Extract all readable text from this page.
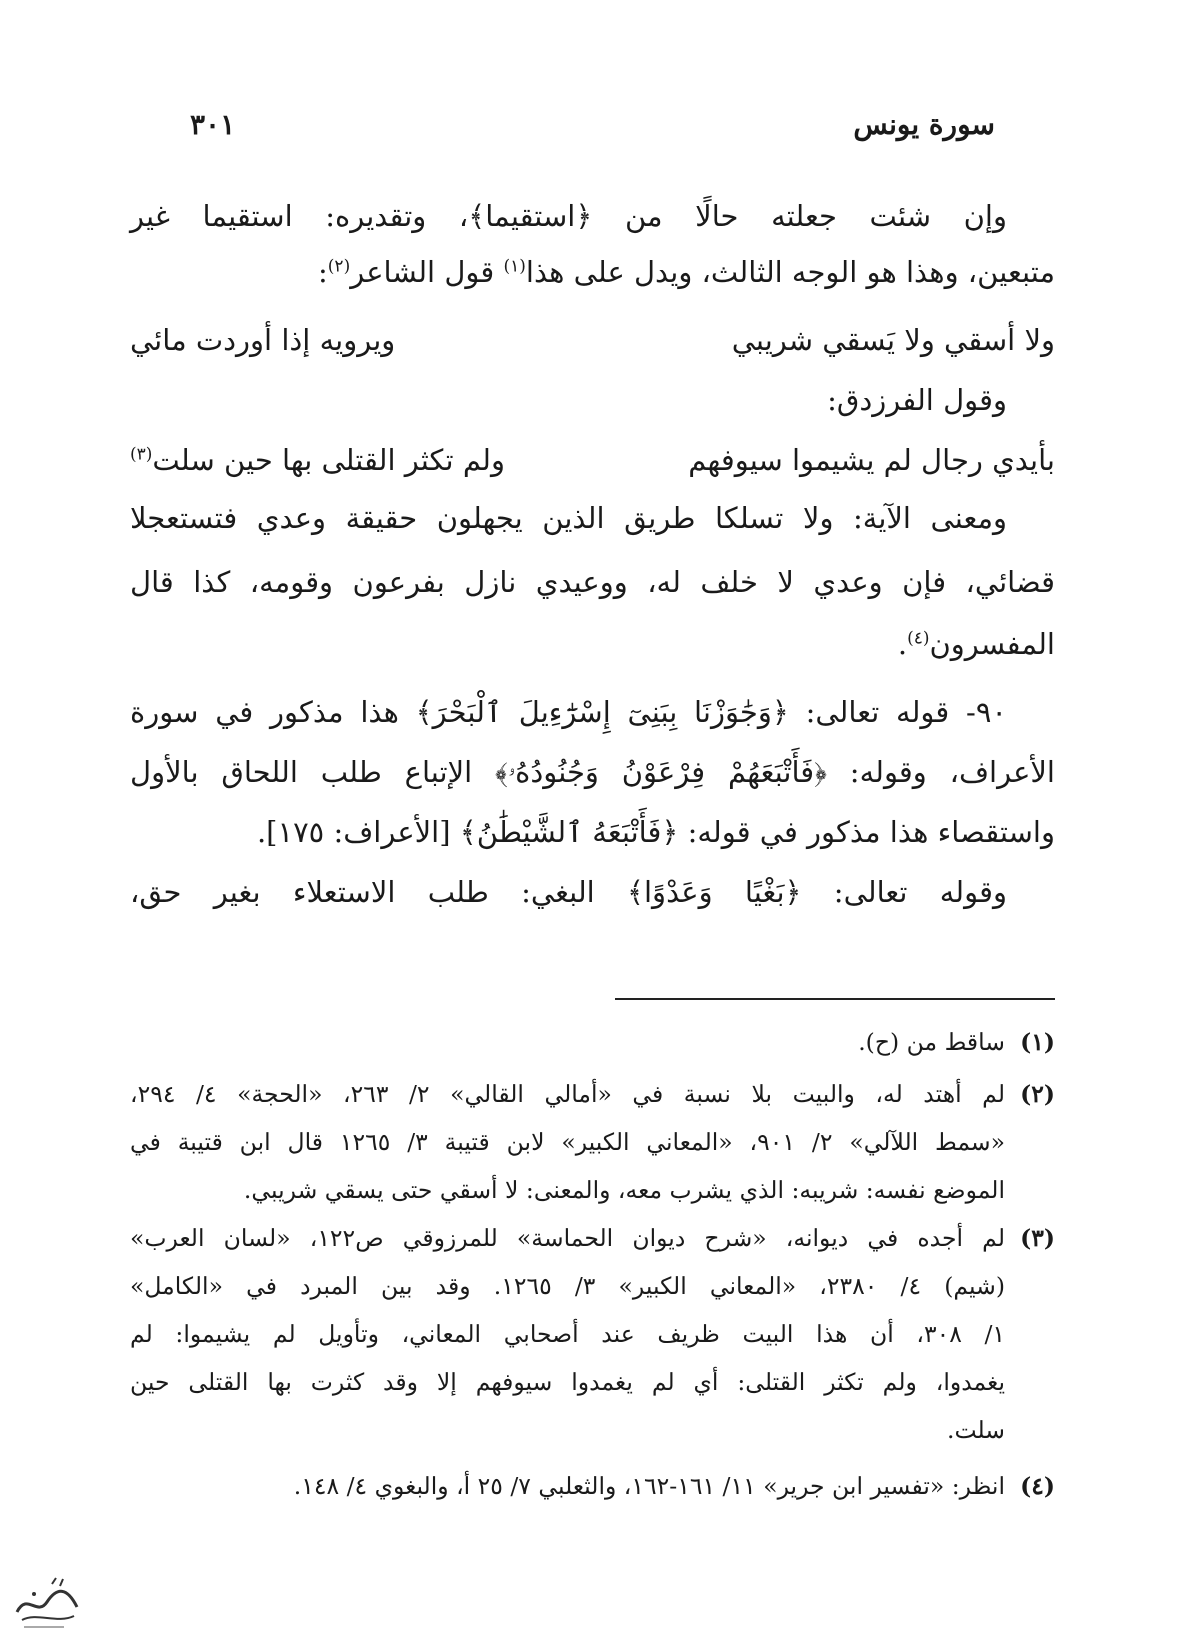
سورة يونس
٣٠١
وإن شئت جعلته حالًا من ﴿استقيما﴾، وتقديره: استقيما غير
متبعين، وهذا هو الوجه الثالث، ويدل على هذا$^{(١)}$ قول الشاعر$^{(٢)}$:
ولا أسقي ولا يَسقي شريبي
ويرويه إذا أوردت مائي
وقول الفرزدق:
بأيدي رجال لم يشيموا سيوفهم
ولم تكثر القتلى بها حين سلت$^{(٣)}$
ومعنى الآية: ولا تسلكا طريق الذين يجهلون حقيقة وعدي فتستعجلا
قضائي، فإن وعدي لا خلف له، ووعيدي نازل بفرعون وقومه، كذا قال
المفسرون$^{(٤)}$.
٩٠- قوله تعالى: ﴿وَجَٰوَزْنَا بِبَنِىٓ إِسْرَٰٓءِيلَ ٱلْبَحْرَ﴾ هذا مذكور في سورة
الأعراف، وقوله: ﴿فَأَتْبَعَهُمْ فِرْعَوْنُ وَجُنُودُهُۥ﴾ الإتباع طلب اللحاق بالأول
واستقصاء هذا مذكور في قوله: ﴿فَأَتْبَعَهُ ٱلشَّيْطَٰنُ﴾ [الأعراف: ١٧٥].
وقوله تعالى: ﴿بَغْيًا وَعَدْوًا﴾ البغي: طلب الاستعلاء بغير حق،
(١)
ساقط من (ح).
(٢)
لم أهتد له، والبيت بلا نسبة في «أمالي القالي» ٢/ ٢٦٣، «الحجة» ٤/ ٢٩٤،
«سمط اللآلي» ٢/ ٩٠١، «المعاني الكبير» لابن قتيبة ٣/ ١٢٦٥ قال ابن قتيبة في
الموضع نفسه: شريبه: الذي يشرب معه، والمعنى: لا أسقي حتى يسقي شريبي.
(٣)
لم أجده في ديوانه، «شرح ديوان الحماسة» للمرزوقي ص١٢٢، «لسان العرب»
(شيم) ٤/ ٢٣٨٠، «المعاني الكبير» ٣/ ١٢٦٥. وقد بين المبرد في «الكامل»
١/ ٣٠٨، أن هذا البيت ظريف عند أصحابي المعاني، وتأويل لم يشيموا: لم
يغمدوا، ولم تكثر القتلى: أي لم يغمدوا سيوفهم إلا وقد كثرت بها القتلى حين
سلت.
(٤)
انظر: «تفسير ابن جرير» ١١/ ١٦١-١٦٢، والثعلبي ٧/ ٢٥ أ، والبغوي ٤/ ١٤٨.
